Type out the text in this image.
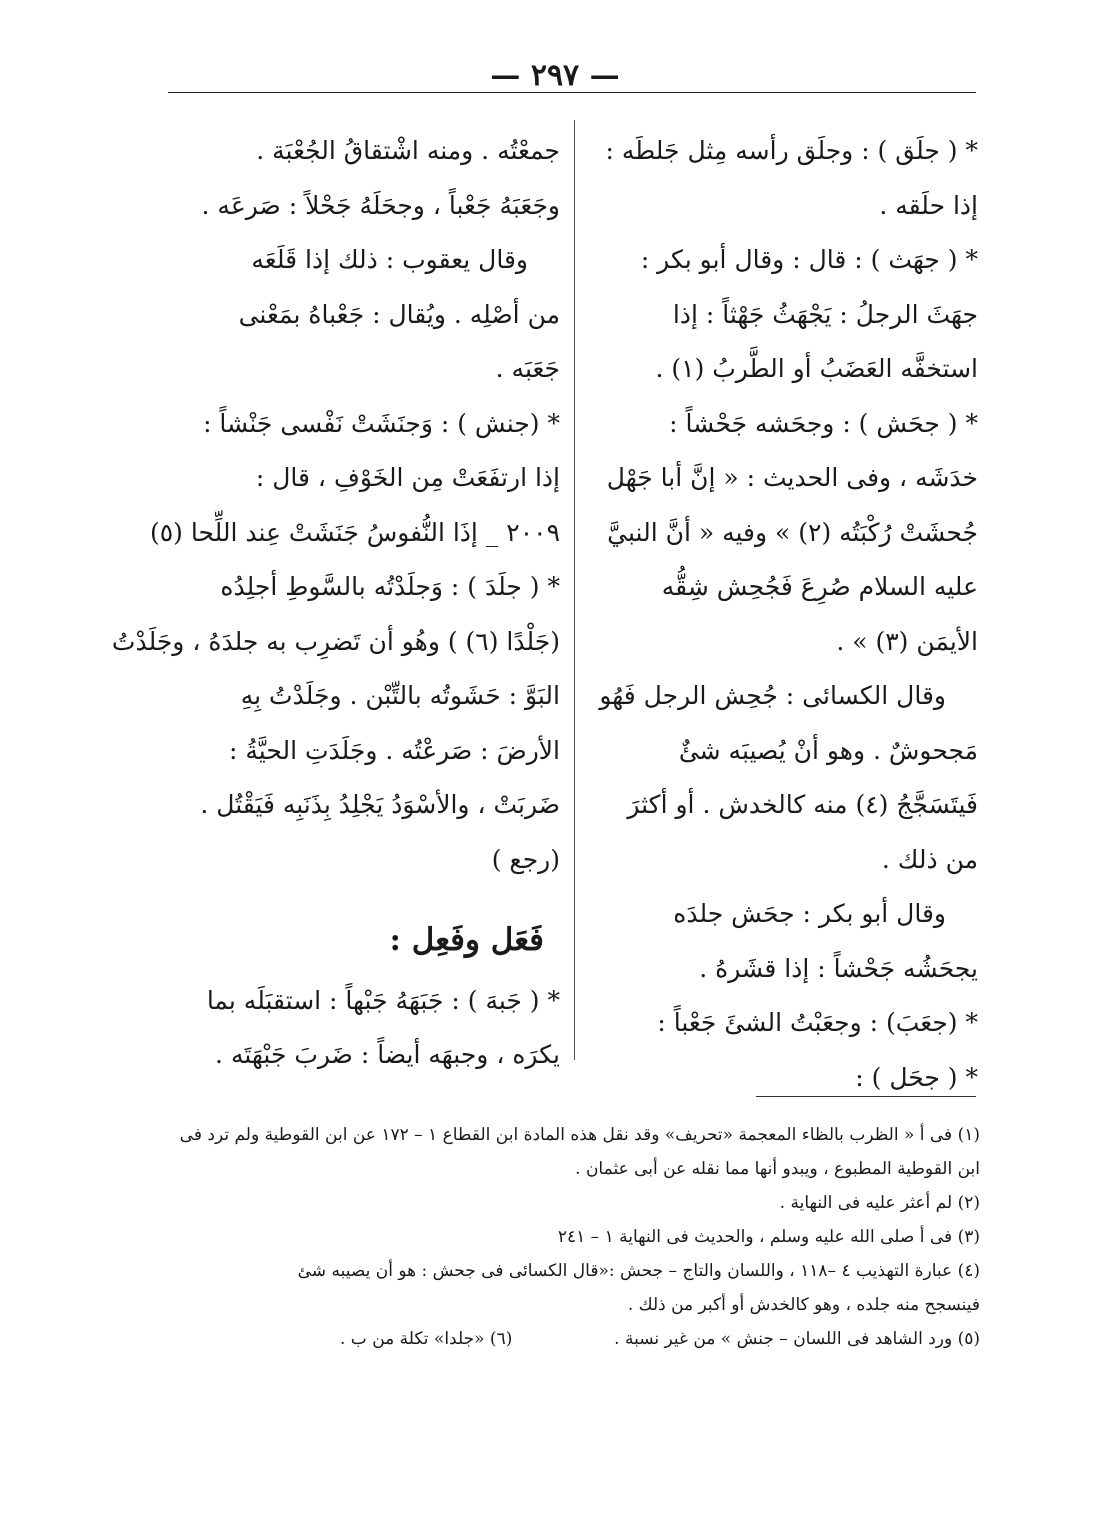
— ٢٩٧ —

* ( جلَق ) : وجلَق رأسه مِثل جَلطَه :

إذا حلَقه .

* ( جهَث ) : قال : وقال أبو بكر :

جهَثَ الرجلُ : يَجْهَثُ جَهْثاً : إذا

استخفَّه العَضَبُ أو الطَّربُ (١) .

* ( جحَش ) : وجحَشه جَحْشاً :

خدَشَه ، وفى الحديث : « إنَّ أبا جَهْل

جُحشَتْ رُكْبَتُه (٢) » وفيه « أنَّ النبيَّ

عليه السلام صُرِعَ فَجُحِش شِقُّه

الأيمَن (٣) » .

وقال الكسائى : جُحِش الرجل فَهُو

مَجحوشٌ . وهو أنْ يُصيبَه شئٌ

فَيتَسَجَّجُ (٤) منه كالخدش . أو أكثرَ

من ذلك .

وقال أبو بكر : جحَش جلدَه

يجحَشُه جَحْشاً : إذا قشَرهُ .

* (جعَبَ) : وجعَبْتُ الشئَ جَعْباً :

* ( جحَل ) :

جمعْتُه . ومنه اشْتقاقُ الجُعْبَة .

وجَعَبَهُ جَعْباً ، وجحَلَهُ جَحْلاً : صَرعَه .

وقال يعقوب : ذلك إذا قَلَعَه

من أصْلِه . ويُقال : جَعْباهُ بمَعْنى

جَعَبَه .

* (جنش ) : وَجنَشَتْ نَفْسى جَنْشاً :

إذا ارتفَعَتْ مِن الخَوْفِ ، قال :

٢٠٠٩ _ إذَا النُّفوسُ جَنَشَتْ عِند اللِّحا (٥)

* ( جلَدَ ) : وَجلَدْتُه بالسَّوطِ أجلِدُه

(جَلْدًا (٦) ) وهُو أن تَضرِب به جلدَهُ ، وجَلَدْتُ

البَوَّ : حَشَوتُه بالتِّبْن . وجَلَدْتُ بِهِ

الأرضَ : صَرعْتُه . وجَلَدَتِ الحيَّةُ :

ضَربَتْ ، والأسْوَدُ يَجْلِدُ بِذَنَبِه فَيَقْتُل .

(رجع )

فَعَل وفَعِل :

* ( جَبهَ ) : جَبَهَهُ جَبْهاً : استقبَلَه بما

يكرَه ، وجبهَه أيضاً : ضَربَ جَبْهَتَه .

(١) فى أ « الظرب بالظاء المعجمة «تحريف» وقد نقل هذه المادة ابن القطاع ١ – ١٧٢ عن ابن القوطية ولم ترد فى

ابن القوطية المطبوع ، ويبدو أنها مما نقله عن أبى عثمان .

(٢) لم أعثر عليه فى النهاية .

(٣) فى أ صلى الله عليه وسلم ، والحديث فى النهاية ١ – ٢٤١

(٤) عبارة التهذيب ٤ –١١٨ ، واللسان والتاج – جحش :«قال الكسائى فى جحش : هو أن يصيبه شئ

فينسجح منه جلده ، وهو كالخدش أو أكبر من ذلك .

(٥) ورد الشاهد فى اللسان – جنش » من غير نسبة .
(٦) «جلدا» تكلة من ب .
